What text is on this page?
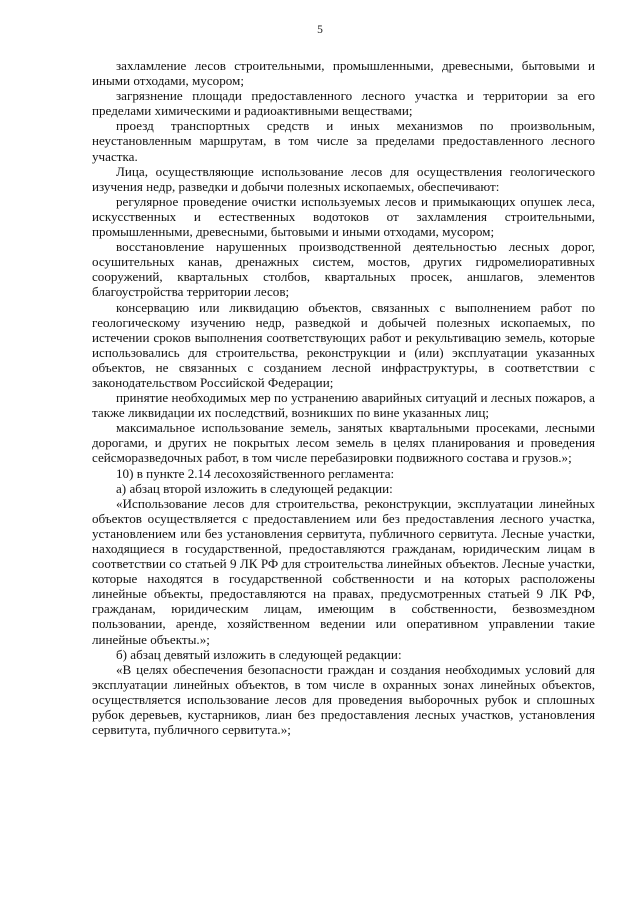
5

захламление лесов строительными, промышленными, древесными, бытовыми и иными отходами, мусором;

загрязнение площади предоставленного лесного участка и территории за его пределами химическими и радиоактивными веществами;

проезд транспортных средств и иных механизмов по произвольным, неустановленным маршрутам, в том числе за пределами предоставленного лесного участка.

Лица, осуществляющие использование лесов для осуществления геологического изучения недр, разведки и добычи полезных ископаемых, обеспечивают:

регулярное проведение очистки используемых лесов и примыкающих опушек леса, искусственных и естественных водотоков от захламления строительными, промышленными, древесными, бытовыми и иными отходами, мусором;

восстановление нарушенных производственной деятельностью лесных дорог, осушительных канав, дренажных систем, мостов, других гидромелиоративных сооружений, квартальных столбов, квартальных просек, аншлагов, элементов благоустройства территории лесов;

консервацию или ликвидацию объектов, связанных с выполнением работ по геологическому изучению недр, разведкой и добычей полезных ископаемых, по истечении сроков выполнения соответствующих работ и рекультивацию земель, которые использовались для строительства, реконструкции и (или) эксплуатации указанных объектов, не связанных с созданием лесной инфраструктуры, в соответствии с законодательством Российской Федерации;

принятие необходимых мер по устранению аварийных ситуаций и лесных пожаров, а также ликвидации их последствий, возникших по вине указанных лиц;

максимальное использование земель, занятых квартальными просеками, лесными дорогами, и других не покрытых лесом земель в целях планирования и проведения сейсморазведочных работ, в том числе перебазировки подвижного состава и грузов.»;

10) в пункте 2.14 лесохозяйственного регламента:

а) абзац второй изложить в следующей редакции:

«Использование лесов для строительства, реконструкции, эксплуатации линейных объектов осуществляется с предоставлением или без предоставления лесного участка, установлением или без установления сервитута, публичного сервитута. Лесные участки, находящиеся в государственной, предоставляются гражданам, юридическим лицам в соответствии со статьей 9 ЛК РФ для строительства линейных объектов. Лесные участки, которые находятся в государственной собственности и на которых расположены линейные объекты, предоставляются на правах, предусмотренных статьей 9 ЛК РФ, гражданам, юридическим лицам, имеющим в собственности, безвозмездном пользовании, аренде, хозяйственном ведении или оперативном управлении такие линейные объекты.»;

б) абзац девятый изложить в следующей редакции:

«В целях обеспечения безопасности граждан и создания необходимых условий для эксплуатации линейных объектов, в том числе в охранных зонах линейных объектов, осуществляется использование лесов для проведения выборочных рубок и сплошных рубок деревьев, кустарников, лиан без предоставления лесных участков, установления сервитута, публичного сервитута.»;
